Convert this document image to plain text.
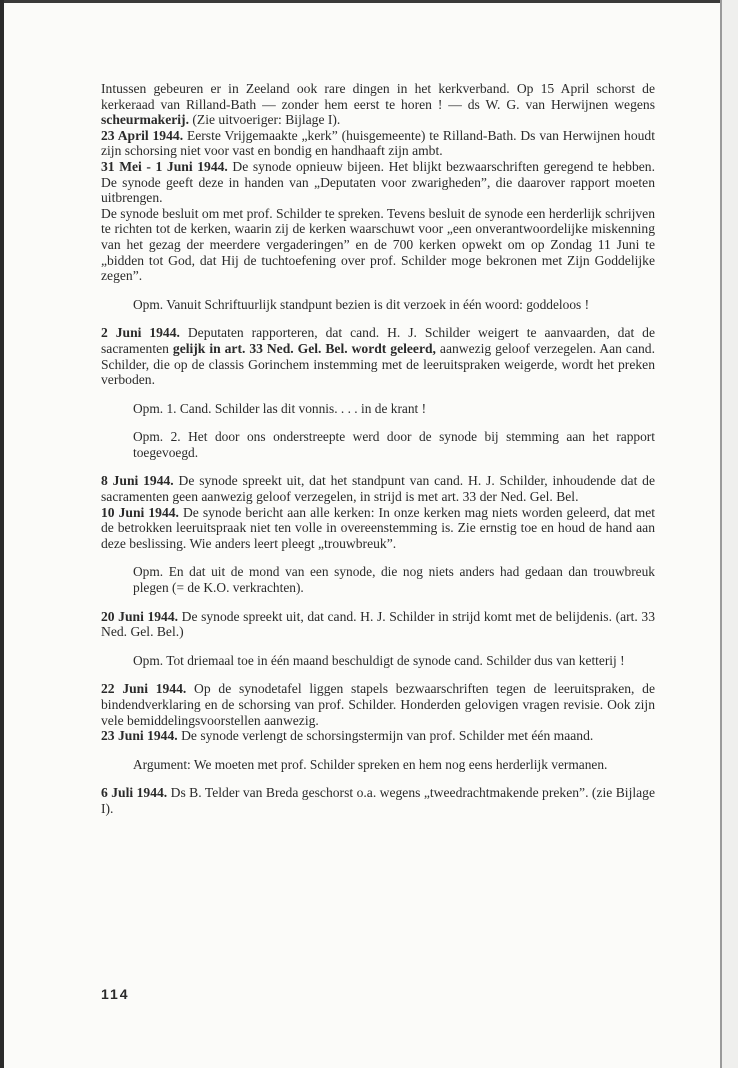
Intussen gebeuren er in Zeeland ook rare dingen in het kerkverband. Op 15 April schorst de kerkeraad van Rilland-Bath — zonder hem eerst te horen ! — ds W. G. van Herwijnen wegens scheurmakerij. (Zie uitvoeriger: Bijlage I).

23 April 1944. Eerste Vrijgemaakte „kerk” (huisgemeente) te Rilland-Bath. Ds van Herwijnen houdt zijn schorsing niet voor vast en bondig en handhaaft zijn ambt.

31 Mei - 1 Juni 1944. De synode opnieuw bijeen. Het blijkt bezwaarschriften geregend te hebben. De synode geeft deze in handen van „Deputaten voor zwarigheden”, die daarover rapport moeten uitbrengen.

De synode besluit om met prof. Schilder te spreken. Tevens besluit de synode een herderlijk schrijven te richten tot de kerken, waarin zij de kerken waarschuwt voor „een onverantwoordelijke miskenning van het gezag der meerdere vergaderingen” en de 700 kerken opwekt om op Zondag 11 Juni te „bidden tot God, dat Hij de tuchtoefening over prof. Schilder moge bekronen met Zijn Goddelijke zegen”.

Opm. Vanuit Schriftuurlijk standpunt bezien is dit verzoek in één woord: goddeloos !

2 Juni 1944. Deputaten rapporteren, dat cand. H. J. Schilder weigert te aanvaarden, dat de sacramenten gelijk in art. 33 Ned. Gel. Bel. wordt geleerd, aanwezig geloof verzegelen. Aan cand. Schilder, die op de classis Gorinchem instemming met de leeruitspraken weigerde, wordt het preken verboden.

Opm. 1. Cand. Schilder las dit vonnis. . . . in de krant !

Opm. 2. Het door ons onderstreepte werd door de synode bij stemming aan het rapport toegevoegd.

8 Juni 1944. De synode spreekt uit, dat het standpunt van cand. H. J. Schilder, inhoudende dat de sacramenten geen aanwezig geloof verzegelen, in strijd is met art. 33 der Ned. Gel. Bel.

10 Juni 1944. De synode bericht aan alle kerken: In onze kerken mag niets worden geleerd, dat met de betrokken leeruitspraak niet ten volle in overeenstemming is. Zie ernstig toe en houd de hand aan deze beslissing. Wie anders leert pleegt „trouwbreuk”.

Opm. En dat uit de mond van een synode, die nog niets anders had gedaan dan trouwbreuk plegen (= de K.O. verkrachten).

20 Juni 1944. De synode spreekt uit, dat cand. H. J. Schilder in strijd komt met de belijdenis. (art. 33 Ned. Gel. Bel.)

Opm. Tot driemaal toe in één maand beschuldigt de synode cand. Schilder dus van ketterij !

22 Juni 1944. Op de synodetafel liggen stapels bezwaarschriften tegen de leeruitspraken, de bindendverklaring en de schorsing van prof. Schilder. Honderden gelovigen vragen revisie. Ook zijn vele bemiddelingsvoorstellen aanwezig.

23 Juni 1944. De synode verlengt de schorsingstermijn van prof. Schilder met één maand.

Argument: We moeten met prof. Schilder spreken en hem nog eens herderlijk vermanen.

6 Juli 1944. Ds B. Telder van Breda geschorst o.a. wegens „tweedrachtmakende preken”. (zie Bijlage I).

114
